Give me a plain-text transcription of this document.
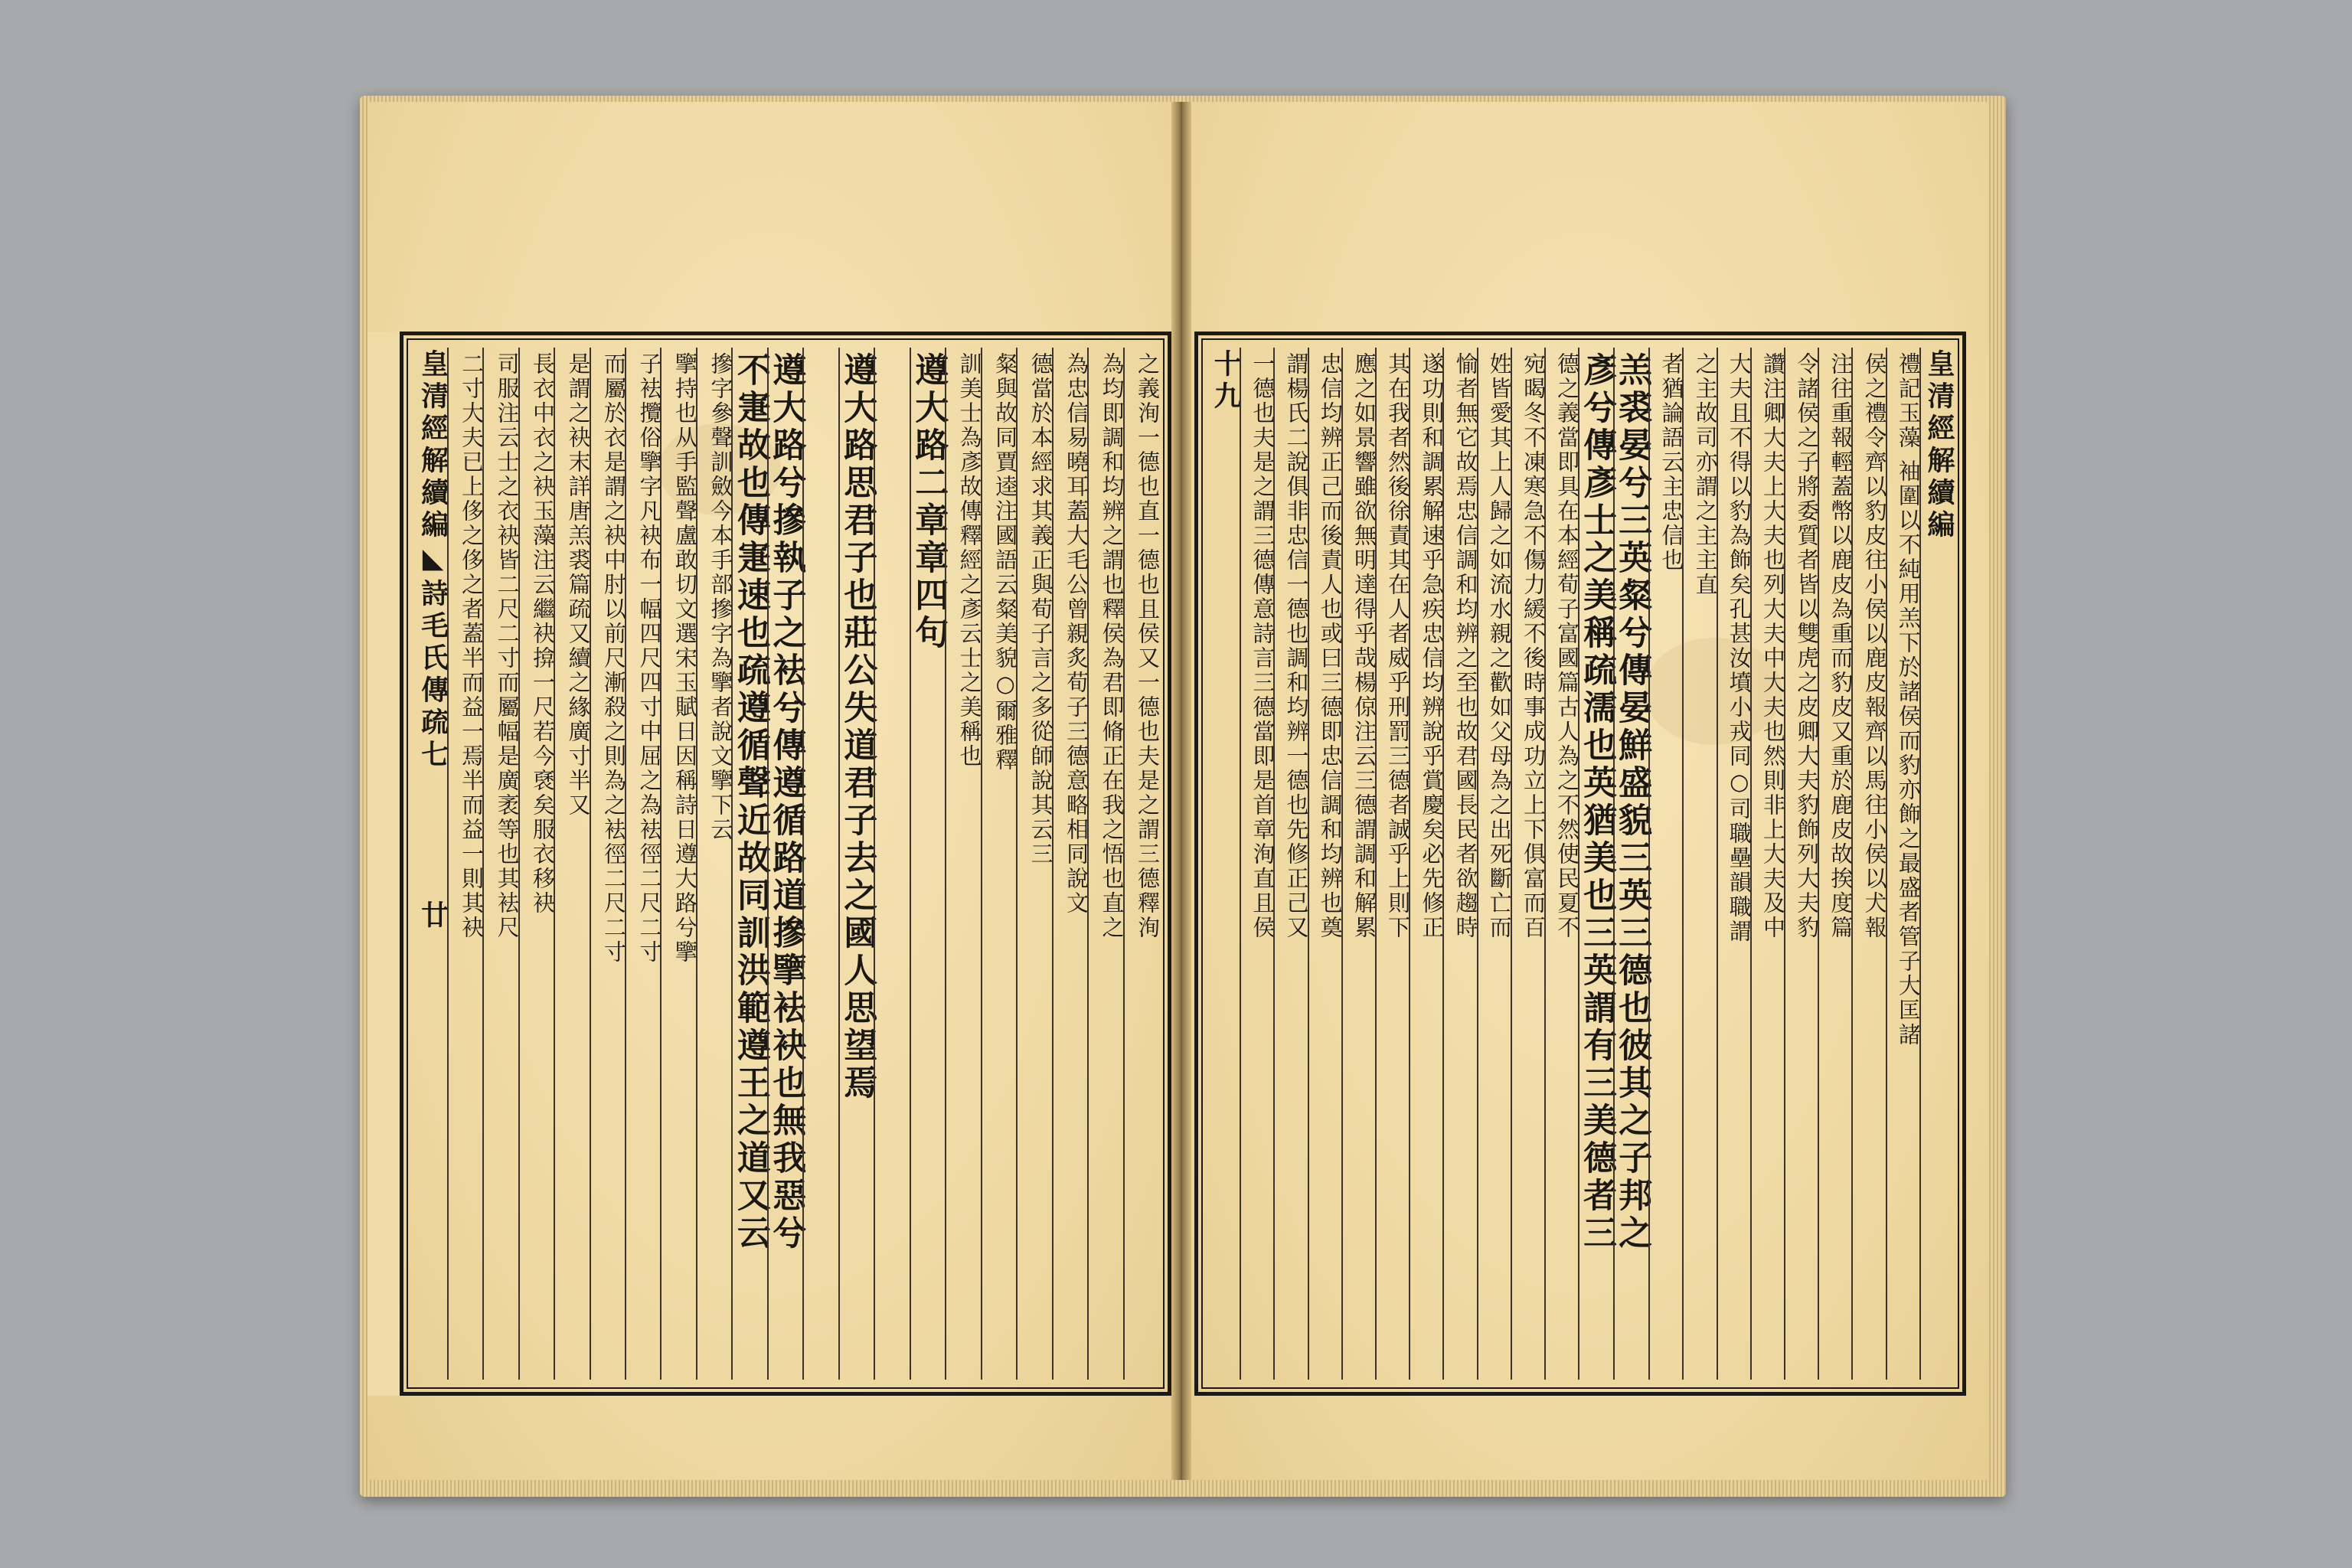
之義洵一德也直一德也且侯又一德也夫是之謂三德釋洵
為均即調和均辨之謂也釋侯為君即脩正在我之悟也直之
為忠信易曉耳蓋大毛公曾親炙荀子三德意略相同說文
德當於本經求其義正與荀子言之多從師說其云三
粲與故同賈逵注國語云粲美貌○爾雅釋
訓美士為彥故傳釋經之彥云士之美稱也
遵大路二章章四句
遵大路思君子也莊公失道君子去之國人思望焉
遵大路兮摻執子之袪兮傳遵循路道摻擥袪袂也無我惡兮
不寁故也傳寁速也疏遵循聲近故同訓洪範遵王之道又云
摻字參聲訓斂今本手部摻字為擥者說文擥下云
擥持也从手監聲盧敢切文選宋玉賦日因稱詩日遵大路兮擥
子袪攬俗擥字凡袂布一幅四尺四寸中屈之為袪徑二尺二寸
而屬於衣是謂之袂中肘以前尺漸殺之則為之袪徑二尺二寸
是謂之袂末詳唐羔裘篇疏又續之緣廣寸半又
長衣中衣之袂玉藻注云繼袂揜一尺若今褎矣服衣移袂
司服注云士之衣袂皆二尺二寸而屬幅是廣袤等也其袪尺
二寸大夫已上侈之侈之者蓋半而益一焉半而益一則其袂
皇清經解續編◣詩毛氏傳疏七　　　　廿
皇清經解續編
禮記玉藻 袖圍以不純用羔下於諸侯而豹亦飾之最盛者管子大匡諸
侯之禮令齊以豹皮往小侯以鹿皮報齊以馬往小侯以犬報
注往重報輕蓋幣以鹿皮為重而豹皮又重於鹿皮故挨度篇
令諸侯之子將委質者皆以雙虎之皮卿大夫豹飾列大夫豹
讚注卿大夫上大夫也列大夫中大夫也然則非上大夫及中
大夫且不得以豹為飾矣孔甚汝墳小戎同○司職壘韻職謂
之主故司亦謂之主主直
者猶論語云主忠信也
羔裘晏兮三英粲兮傳晏鮮盛貌三英三德也彼其之子邦之
彥兮傳彥士之美稱疏濡也英猶美也三英謂有三美德者三
德之義當即具在本經荀子富國篇古人為之不然使民夏不
宛暍冬不凍寒急不傷力緩不後時事成功立上下俱富而百
姓皆愛其上人歸之如流水親之歡如父母為之出死斷亡而
愉者無它故焉忠信調和均辨之至也故君國長民者欲趨時
遂功則和調累解速乎急疾忠信均辨說乎賞慶矣必先修正
其在我者然後徐責其在人者威乎刑罰三德者誠乎上則下
應之如景響雖欲無明達得乎哉楊倞注云三德謂調和解累
忠信均辨正己而後責人也或曰三德即忠信調和均辨也奠
謂楊氏二說俱非忠信一德也調和均辨一德也先修正己又
一德也夫是之謂三德傳意詩言三德當即是首章洵直且侯
十九
